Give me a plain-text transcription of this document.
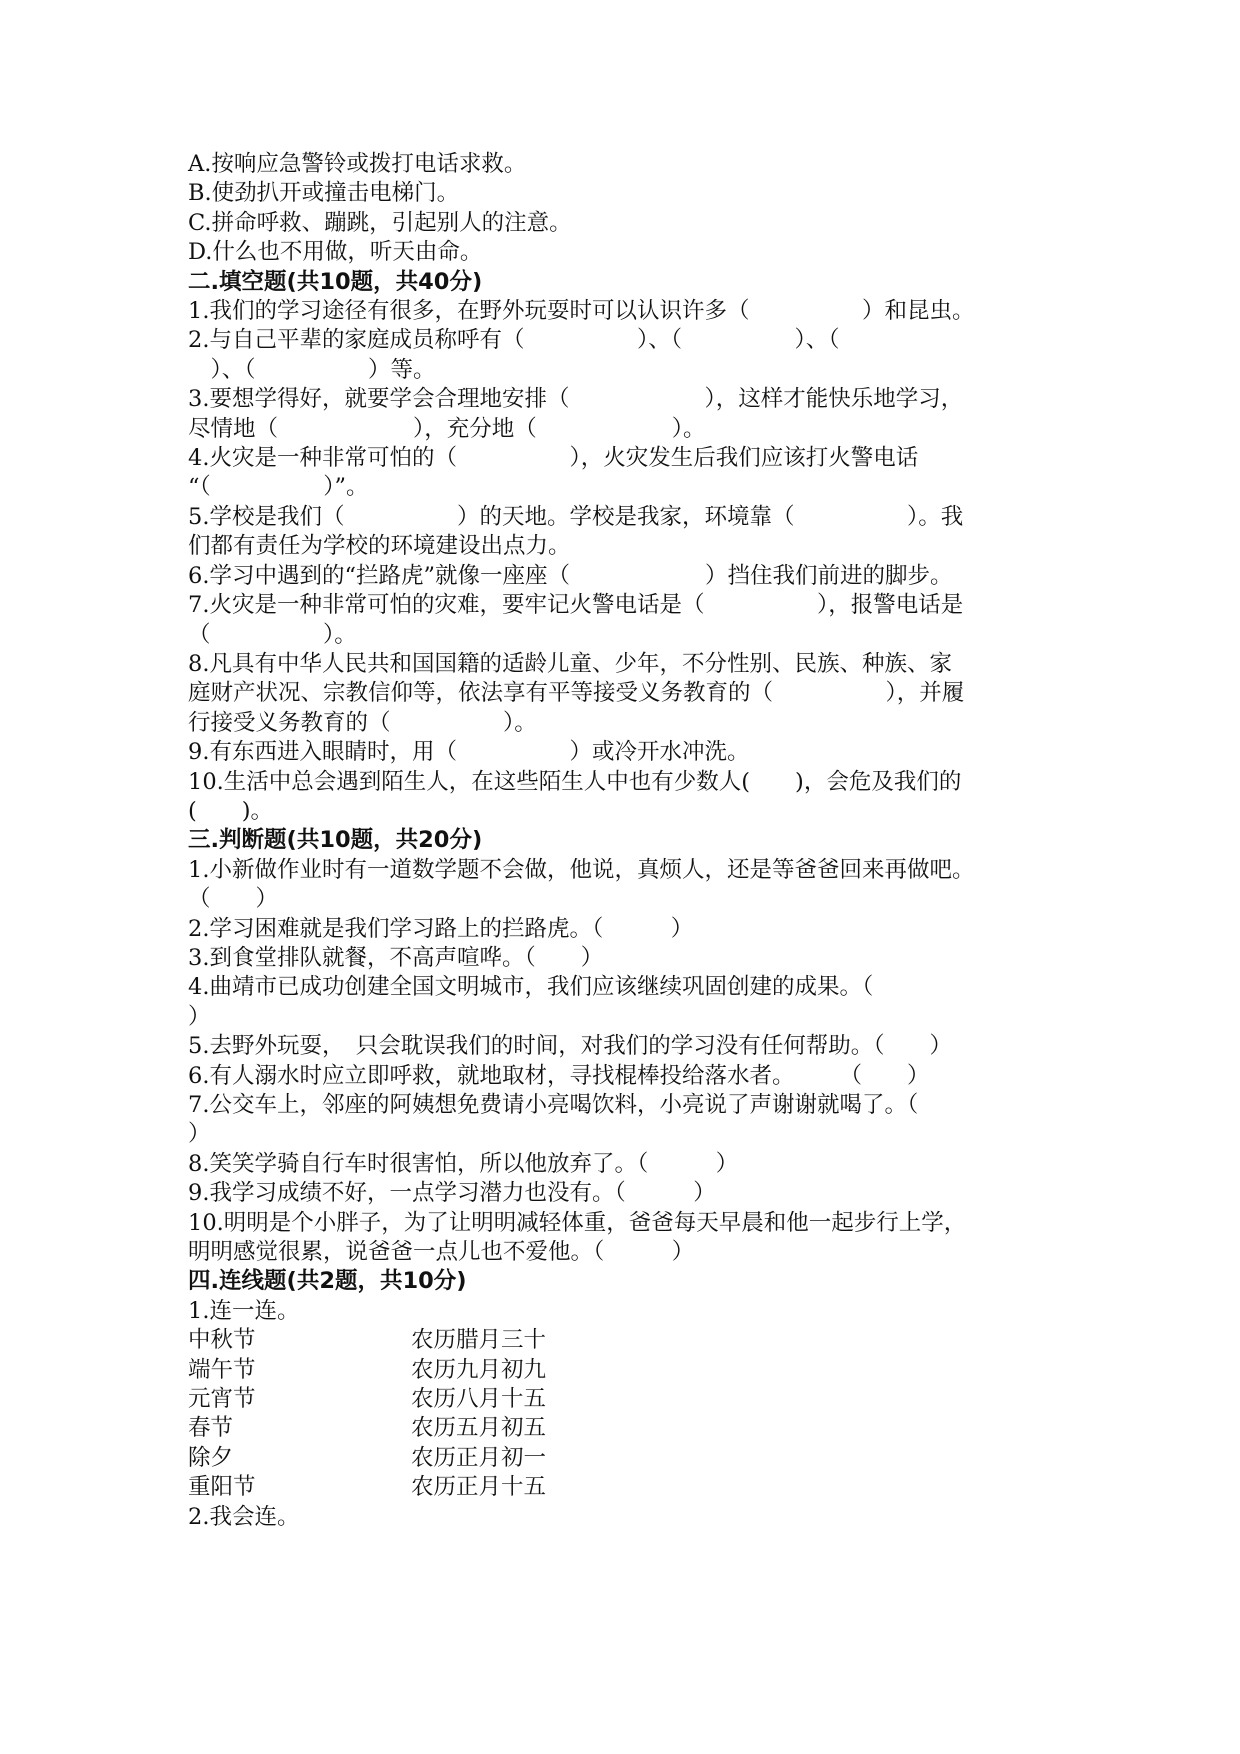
A.按响应急警铃或拨打电话求救。
B.使劲扒开或撞击电梯门。
C.拼命呼救、蹦跳，引起别人的注意。
D.什么也不用做，听天由命。
二.填空题(共10题，共40分)
1.我们的学习途径有很多，在野外玩耍时可以认识许多（　　　　　）和昆虫。
2.与自己平辈的家庭成员称呼有（　　　　　）、（　　　　　）、（
　）、（　　　　　）等。
3.要想学得好，就要学会合理地安排（　　　　　　），这样才能快乐地学习，
尽情地（　　　　　　），充分地（　　　　　　）。
4.火灾是一种非常可怕的（　　　　　），火灾发生后我们应该打火警电话
“（　　　　　）”。
5.学校是我们（　　　　　）的天地。学校是我家，环境靠（　　　　　）。我
们都有责任为学校的环境建设出点力。
6.学习中遇到的“拦路虎”就像一座座（　　　　　　）挡住我们前进的脚步。
7.火灾是一种非常可怕的灾难，要牢记火警电话是（　　　　　），报警电话是
（　　　　　）。
8.凡具有中华人民共和国国籍的适龄儿童、少年，不分性别、民族、种族、家
庭财产状况、宗教信仰等，依法享有平等接受义务教育的（　　　　　），并履
行接受义务教育的（　　　　　）。
9.有东西进入眼睛时，用（　　　　　）或冷开水冲洗。
10.生活中总会遇到陌生人，在这些陌生人中也有少数人(　　)，会危及我们的
(　　)。
三.判断题(共10题，共20分)
1.小新做作业时有一道数学题不会做，他说，真烦人，还是等爸爸回来再做吧。
（　　）
2.学习困难就是我们学习路上的拦路虎。（　　　）
3.到食堂排队就餐，不高声喧哗。（　　）
4.曲靖市已成功创建全国文明城市，我们应该继续巩固创建的成果。（
）
5.去野外玩耍，　只会耽误我们的时间，对我们的学习没有任何帮助。（　　）
6.有人溺水时应立即呼救，就地取材，寻找棍棒投给落水者。　　　（　　）
7.公交车上，邻座的阿姨想免费请小亮喝饮料，小亮说了声谢谢就喝了。（
）
8.笑笑学骑自行车时很害怕，所以他放弃了。（　　　）
9.我学习成绩不好，一点学习潜力也没有。（　　　）
10.明明是个小胖子，为了让明明减轻体重，爸爸每天早晨和他一起步行上学，
明明感觉很累，说爸爸一点儿也不爱他。（　　　）
四.连线题(共2题，共10分)
1.连一连。
中秋节	农历腊月三十
端午节	农历九月初九
元宵节	农历八月十五
春节	农历五月初五
除夕	农历正月初一
重阳节	农历正月十五
2.我会连。
